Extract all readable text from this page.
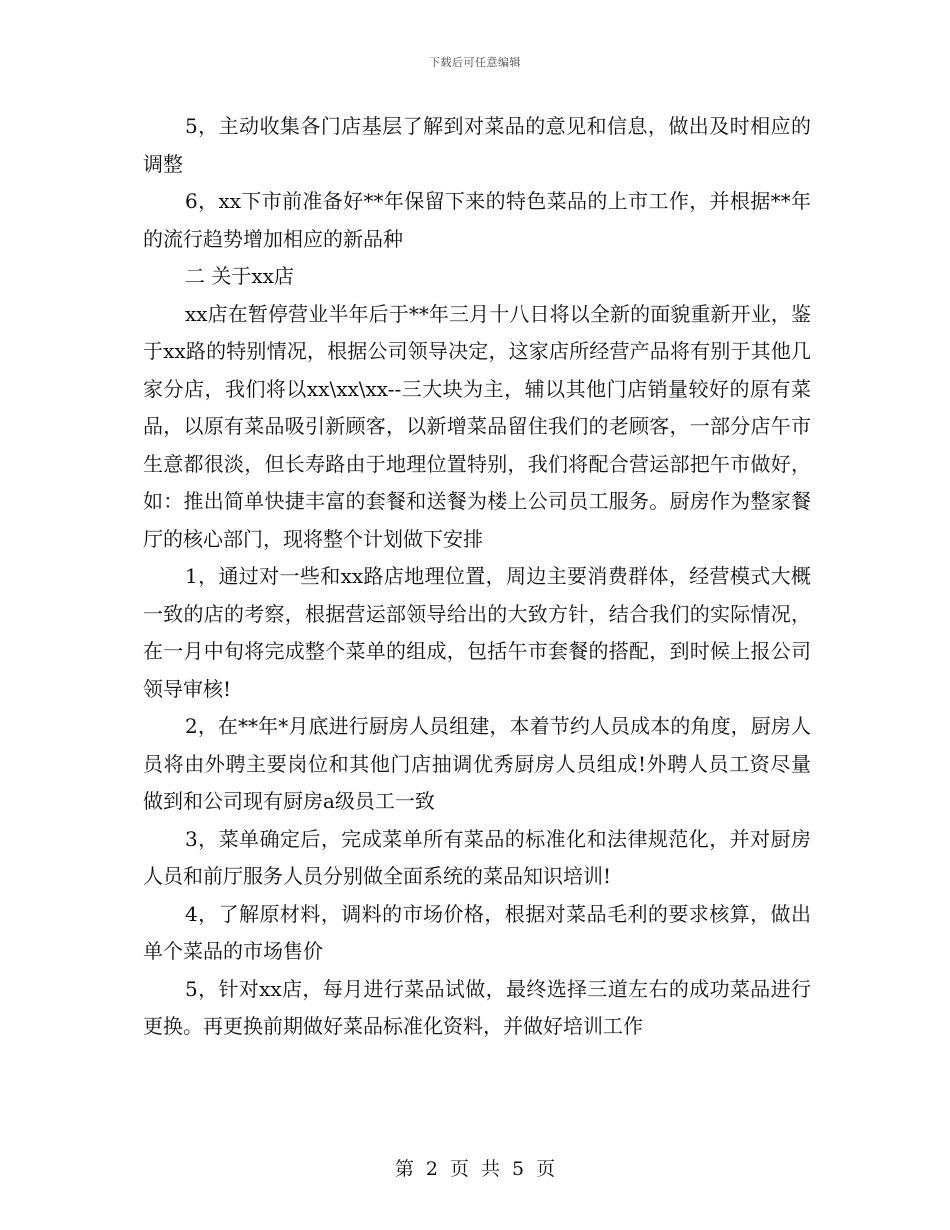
下载后可任意编辑

5，主动收集各门店基层了解到对菜品的意见和信息，做出及时相应的调整

6，xx下市前准备好**年保留下来的特色菜品的上市工作，并根据**年的流行趋势增加相应的新品种

二 关于xx店

xx店在暂停营业半年后于**年三月十八日将以全新的面貌重新开业，鉴于xx路的特别情况，根据公司领导决定，这家店所经营产品将有别于其他几家分店，我们将以xx\xx\xx--三大块为主，辅以其他门店销量较好的原有菜品，以原有菜品吸引新顾客，以新增菜品留住我们的老顾客，一部分店午市生意都很淡，但长寿路由于地理位置特别，我们将配合营运部把午市做好，如：推出简单快捷丰富的套餐和送餐为楼上公司员工服务。厨房作为整家餐厅的核心部门，现将整个计划做下安排

1，通过对一些和xx路店地理位置，周边主要消费群体，经营模式大概一致的店的考察，根据营运部领导给出的大致方针，结合我们的实际情况，在一月中旬将完成整个菜单的组成，包括午市套餐的搭配，到时候上报公司领导审核!

2，在**年*月底进行厨房人员组建，本着节约人员成本的角度，厨房人员将由外聘主要岗位和其他门店抽调优秀厨房人员组成!外聘人员工资尽量做到和公司现有厨房a级员工一致

3，菜单确定后，完成菜单所有菜品的标准化和法律规范化，并对厨房人员和前厅服务人员分别做全面系统的菜品知识培训!

4，了解原材料，调料的市场价格，根据对菜品毛利的要求核算，做出单个菜品的市场售价

5，针对xx店，每月进行菜品试做，最终选择三道左右的成功菜品进行更换。再更换前期做好菜品标准化资料，并做好培训工作

第 2 页 共 5 页
